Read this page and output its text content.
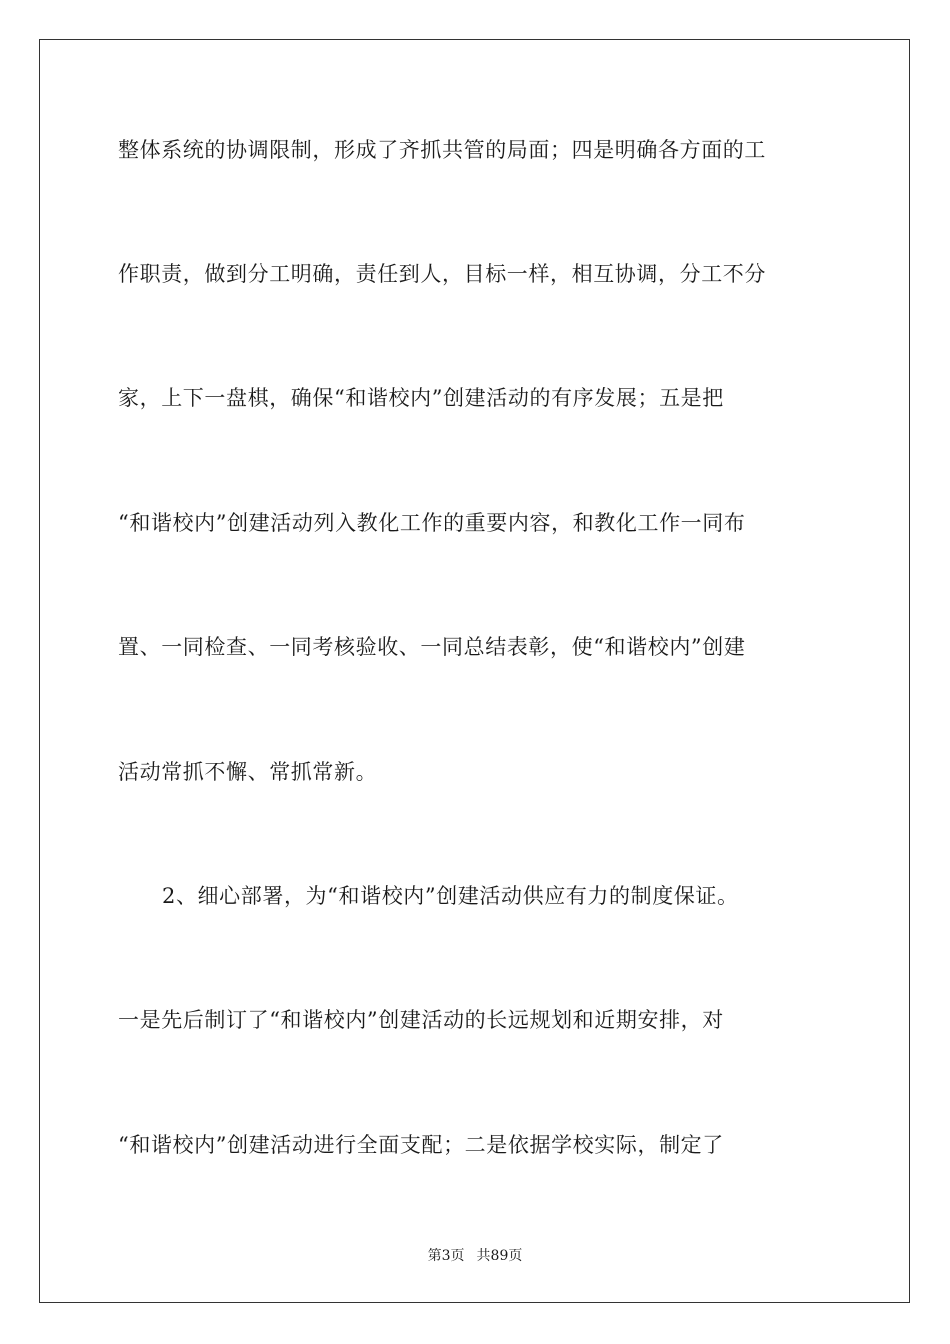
整体系统的协调限制，形成了齐抓共管的局面；四是明确各方面的工
作职责，做到分工明确，责任到人，目标一样，相互协调，分工不分
家，上下一盘棋，确保“和谐校内”创建活动的有序发展；五是把
“和谐校内”创建活动列入教化工作的重要内容，和教化工作一同布
置、一同检查、一同考核验收、一同总结表彰，使“和谐校内”创建
活动常抓不懈、常抓常新。
2、细心部署，为“和谐校内”创建活动供应有力的制度保证。
一是先后制订了“和谐校内”创建活动的长远规划和近期安排，对
“和谐校内”创建活动进行全面支配；二是依据学校实际，制定了
第3页 共89页
